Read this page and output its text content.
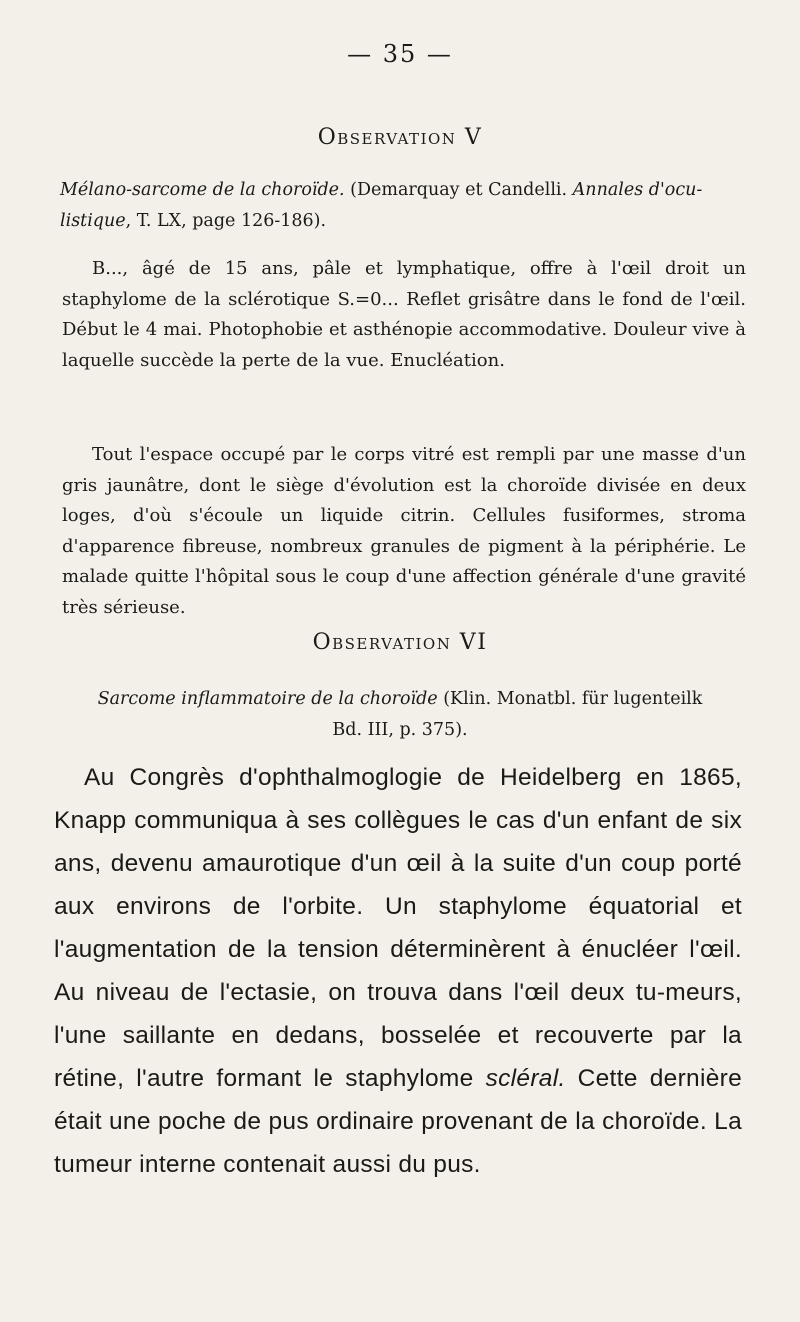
— 35 —
Observation V
Mélano-sarcome de la choroïde. (Demarquay et Candelli. Annales d'ocu-listique, T. LX, page 126-186).

B..., âgé de 15 ans, pâle et lymphatique, offre à l'œil droit un staphylome de la sclérotique S.=0... Reflet grisâtre dans le fond de l'œil. Début le 4 mai. Photophobie et asthénopie accommodative. Douleur vive à laquelle succède la perte de la vue. Enucléation.

Tout l'espace occupé par le corps vitré est rempli par une masse d'un gris jaunâtre, dont le siège d'évolution est la choroïde divisée en deux loges, d'où s'écoule un liquide citrin. Cellules fusiformes, stroma d'apparence fibreuse, nombreux granules de pigment à la périphérie. Le malade quitte l'hôpital sous le coup d'une affection générale d'une gravité très sérieuse.

Observation VI
Sarcome inflammatoire de la choroïde (Klin. Monatbl. für lugenteilk
Bd. III, p. 375).

Au Congrès d'ophthalmoglogie de Heidelberg en 1865, Knapp communiqua à ses collègues le cas d'un enfant de six ans, devenu amaurotique d'un œil à la suite d'un coup porté aux environs de l'orbite. Un staphylome équatorial et l'augmentation de la tension déterminèrent à énucléer l'œil. Au niveau de l'ectasie, on trouva dans l'œil deux tu-meurs, l'une saillante en dedans, bosselée et recouverte par la rétine, l'autre formant le staphylome scléral. Cette dernière était une poche de pus ordinaire provenant de la choroïde. La tumeur interne contenait aussi du pus.
